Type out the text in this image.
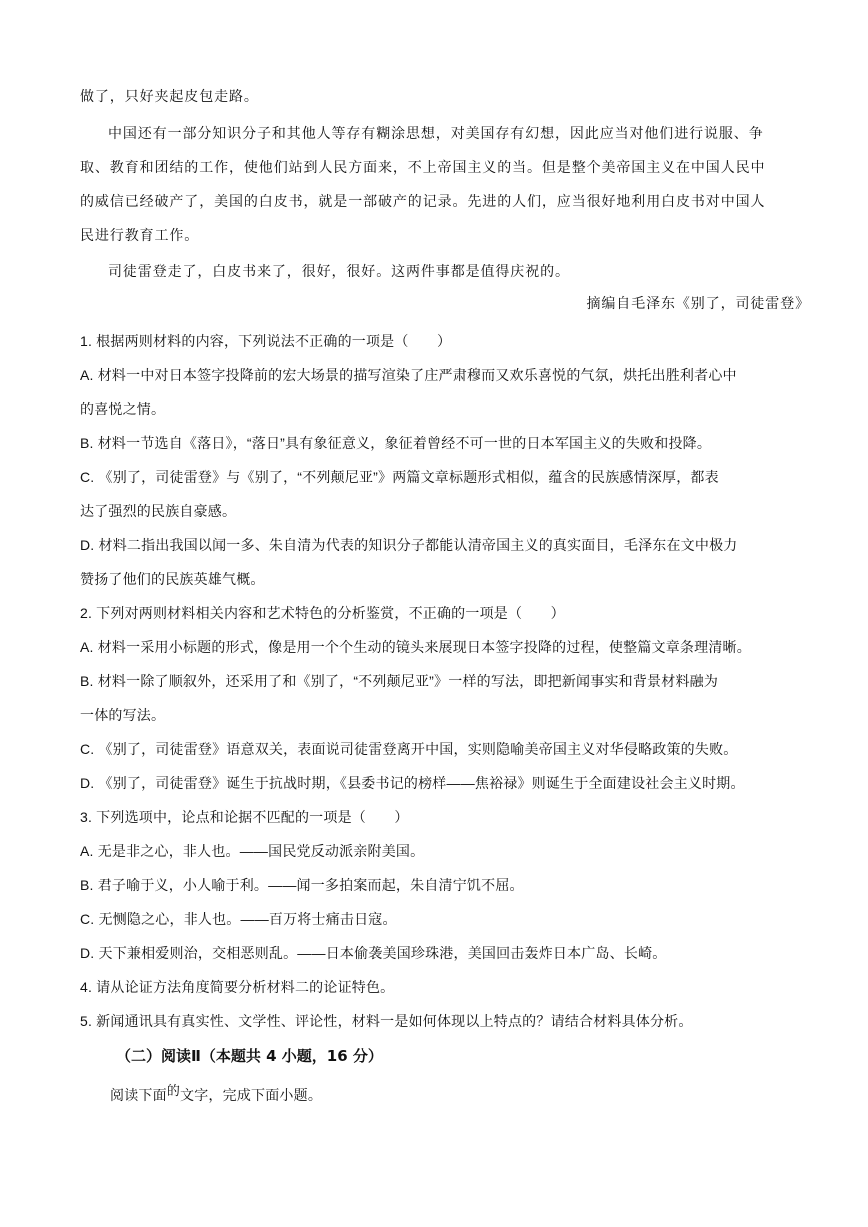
做了，只好夹起皮包走路。
中国还有一部分知识分子和其他人等存有糊涂思想，对美国存有幻想，因此应当对他们进行说服、争
取、教育和团结的工作，使他们站到人民方面来，不上帝国主义的当。但是整个美帝国主义在中国人民中
的威信已经破产了，美国的白皮书，就是一部破产的记录。先进的人们，应当很好地利用白皮书对中国人
民进行教育工作。
司徒雷登走了，白皮书来了，很好，很好。这两件事都是值得庆祝的。
摘编自毛泽东《别了，司徒雷登》
1. 根据两则材料的内容，下列说法不正确的一项是（　　）
A. 材料一中对日本签字投降前的宏大场景的描写渲染了庄严肃穆而又欢乐喜悦的气氛，烘托出胜利者心中
的喜悦之情。
B. 材料一节选自《落日》，“落日”具有象征意义，象征着曾经不可一世的日本军国主义的失败和投降。
C. 《别了，司徒雷登》与《别了，“不列颠尼亚”》两篇文章标题形式相似，蕴含的民族感情深厚，都表
达了强烈的民族自豪感。
D. 材料二指出我国以闻一多、朱自清为代表的知识分子都能认清帝国主义的真实面目，毛泽东在文中极力
赞扬了他们的民族英雄气概。
2. 下列对两则材料相关内容和艺术特色的分析鉴赏，不正确的一项是（　　）
A. 材料一采用小标题的形式，像是用一个个生动的镜头来展现日本签字投降的过程，使整篇文章条理清晰。
B. 材料一除了顺叙外，还采用了和《别了，“不列颠尼亚”》一样的写法，即把新闻事实和背景材料融为
一体的写法。
C. 《别了，司徒雷登》语意双关，表面说司徒雷登离开中国，实则隐喻美帝国主义对华侵略政策的失败。
D. 《别了，司徒雷登》诞生于抗战时期，《县委书记的榜样——焦裕禄》则诞生于全面建设社会主义时期。
3. 下列选项中，论点和论据不匹配的一项是（　　）
A. 无是非之心，非人也。——国民党反动派亲附美国。
B. 君子喻于义，小人喻于利。——闻一多拍案而起，朱自清宁饥不屈。
C. 无恻隐之心，非人也。——百万将士痛击日寇。
D. 天下兼相爱则治，交相恶则乱。——日本偷袭美国珍珠港，美国回击轰炸日本广岛、长崎。
4. 请从论证方法角度简要分析材料二的论证特色。
5. 新闻通讯具有真实性、文学性、评论性，材料一是如何体现以上特点的？请结合材料具体分析。
（二）阅读Ⅱ（本题共 4 小题，16 分）
阅读下面的文字，完成下面小题。
